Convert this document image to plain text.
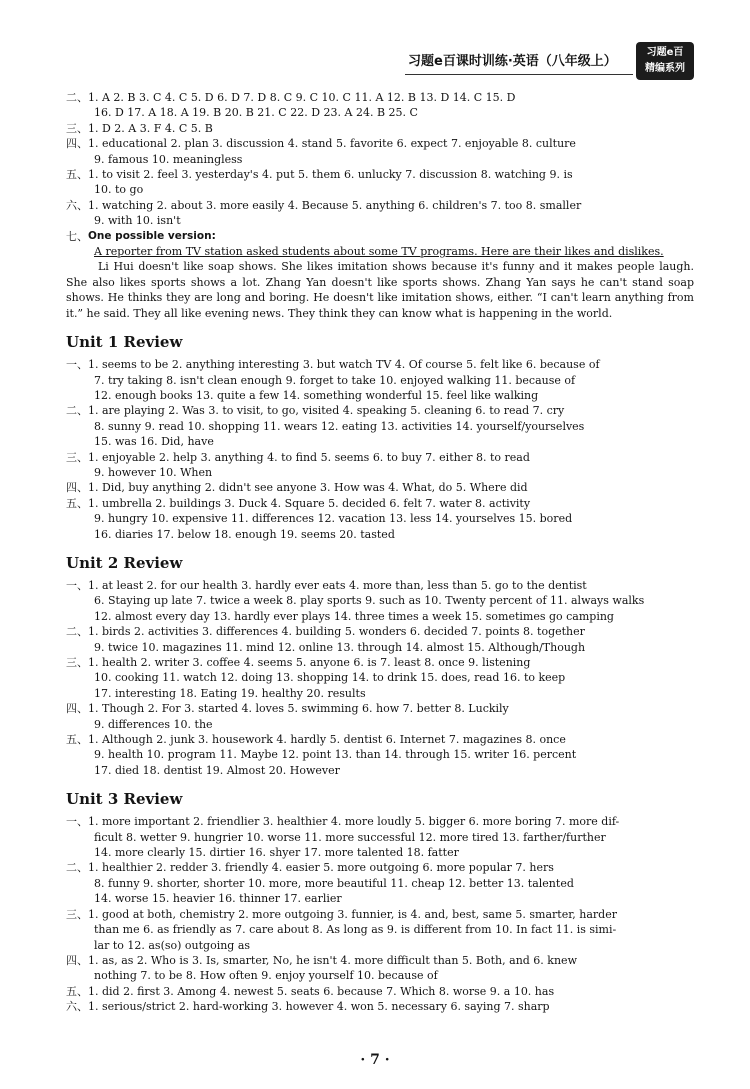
习题e百课时训练·英语（八年级上）
习题e百
精编系列
二、 1. A 2. B 3. C 4. C 5. D 6. D 7. D 8. C 9. C 10. C 11. A 12. B 13. D 14. C 15. D
16. D 17. A 18. A 19. B 20. B 21. C 22. D 23. A 24. B 25. C
三、 1. D 2. A 3. F 4. C 5. B
四、 1. educational 2. plan 3. discussion 4. stand 5. favorite 6. expect 7. enjoyable 8. culture
9. famous 10. meaningless
五、 1. to visit 2. feel 3. yesterday's 4. put 5. them 6. unlucky 7. discussion 8. watching 9. is
10. to go
六、 1. watching 2. about 3. more easily 4. Because 5. anything 6. children's 7. too 8. smaller
9. with 10. isn't
七、 One possible version:

A reporter from TV station asked students about some TV programs. Here are their likes and dislikes.

Li Hui doesn't like soap shows. She likes imitation shows because it's funny and it makes people laugh. She also likes sports shows a lot. Zhang Yan doesn't like sports shows. Zhang Yan says he can't stand soap shows. He thinks they are long and boring. He doesn't like imitation shows, either. “I can't learn anything from it.” he said. They all like evening news. They think they can know what is happening in the world.

Unit 1 Review
一、 1. seems to be 2. anything interesting 3. but watch TV 4. Of course 5. felt like 6. because of
7. try taking 8. isn't clean enough 9. forget to take 10. enjoyed walking 11. because of
12. enough books 13. quite a few 14. something wonderful 15. feel like walking
二、 1. are playing 2. Was 3. to visit, to go, visited 4. speaking 5. cleaning 6. to read 7. cry
8. sunny 9. read 10. shopping 11. wears 12. eating 13. activities 14. yourself/yourselves
15. was 16. Did, have
三、 1. enjoyable 2. help 3. anything 4. to find 5. seems 6. to buy 7. either 8. to read
9. however 10. When
四、 1. Did, buy anything 2. didn't see anyone 3. How was 4. What, do 5. Where did
五、 1. umbrella 2. buildings 3. Duck 4. Square 5. decided 6. felt 7. water 8. activity
9. hungry 10. expensive 11. differences 12. vacation 13. less 14. yourselves 15. bored
16. diaries 17. below 18. enough 19. seems 20. tasted
Unit 2 Review
一、 1. at least 2. for our health 3. hardly ever eats 4. more than, less than 5. go to the dentist
6. Staying up late 7. twice a week 8. play sports 9. such as 10. Twenty percent of 11. always walks
12. almost every day 13. hardly ever plays 14. three times a week 15. sometimes go camping
二、 1. birds 2. activities 3. differences 4. building 5. wonders 6. decided 7. points 8. together
9. twice 10. magazines 11. mind 12. online 13. through 14. almost 15. Although/Though
三、 1. health 2. writer 3. coffee 4. seems 5. anyone 6. is 7. least 8. once 9. listening
10. cooking 11. watch 12. doing 13. shopping 14. to drink 15. does, read 16. to keep
17. interesting 18. Eating 19. healthy 20. results
四、 1. Though 2. For 3. started 4. loves 5. swimming 6. how 7. better 8. Luckily
9. differences 10. the
五、 1. Although 2. junk 3. housework 4. hardly 5. dentist 6. Internet 7. magazines 8. once
9. health 10. program 11. Maybe 12. point 13. than 14. through 15. writer 16. percent
17. died 18. dentist 19. Almost 20. However
Unit 3 Review
一、 1. more important 2. friendlier 3. healthier 4. more loudly 5. bigger 6. more boring 7. more dif-
ficult 8. wetter 9. hungrier 10. worse 11. more successful 12. more tired 13. farther/further
14. more clearly 15. dirtier 16. shyer 17. more talented 18. fatter
二、 1. healthier 2. redder 3. friendly 4. easier 5. more outgoing 6. more popular 7. hers
8. funny 9. shorter, shorter 10. more, more beautiful 11. cheap 12. better 13. talented
14. worse 15. heavier 16. thinner 17. earlier
三、 1. good at both, chemistry 2. more outgoing 3. funnier, is 4. and, best, same 5. smarter, harder
than me 6. as friendly as 7. care about 8. As long as 9. is different from 10. In fact 11. is simi-
lar to 12. as(so) outgoing as
四、 1. as, as 2. Who is 3. Is, smarter, No, he isn't 4. more difficult than 5. Both, and 6. knew
nothing 7. to be 8. How often 9. enjoy yourself 10. because of
五、 1. did 2. first 3. Among 4. newest 5. seats 6. because 7. Which 8. worse 9. a 10. has
六、 1. serious/strict 2. hard-working 3. however 4. won 5. necessary 6. saying 7. sharp
· 7 ·
